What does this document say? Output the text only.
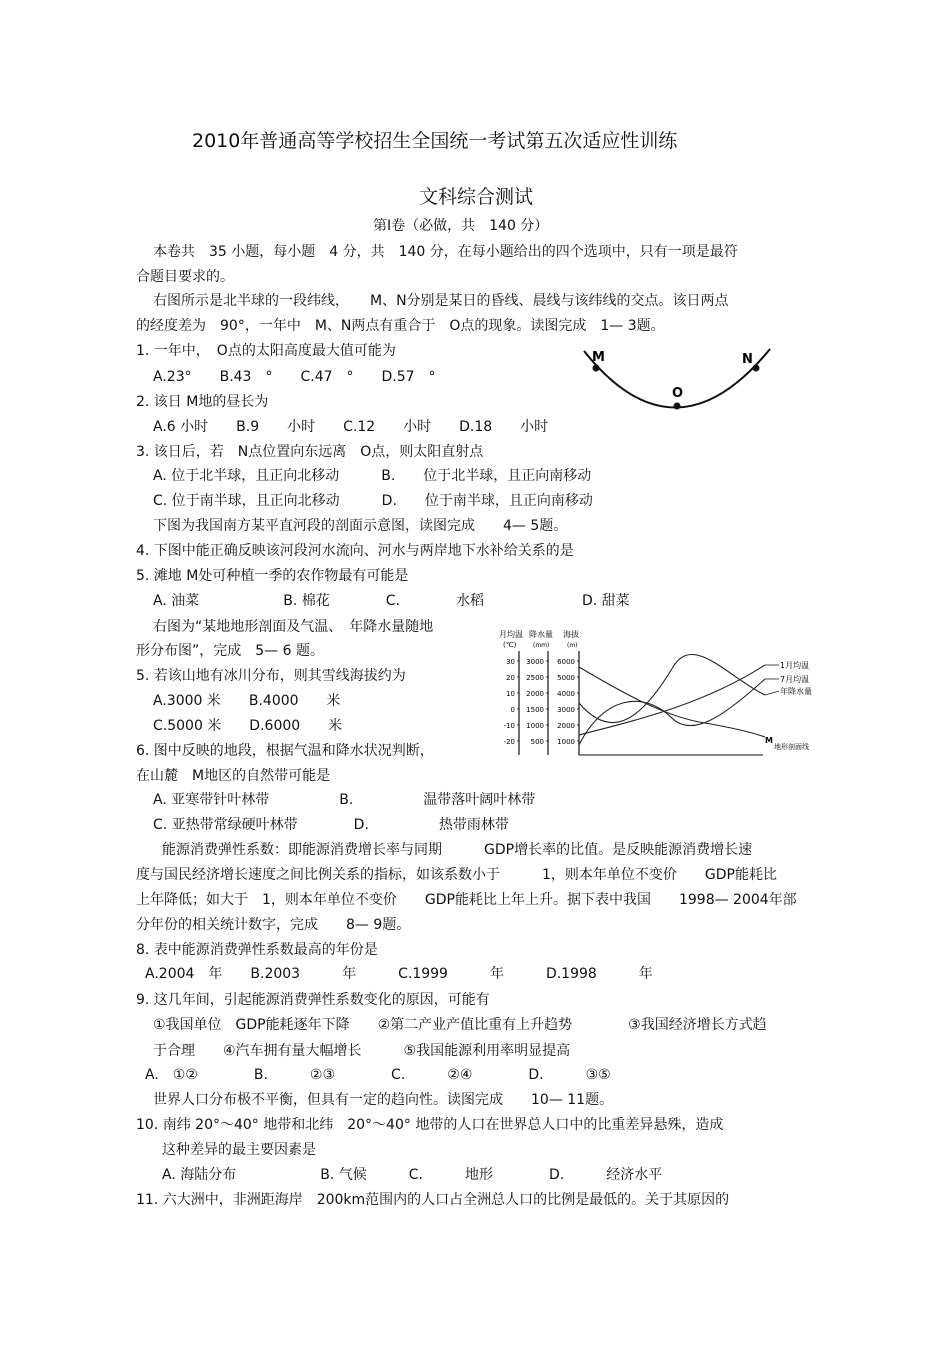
2010年普通高等学校招生全国统一考试第五次适应性训练
文科综合测试
第Ⅰ卷（必做，共　140 分）
本卷共　35 小题，每小题　4 分，共　140 分，在每小题给出的四个选项中，只有一项是最符
合题目要求的。
右图所示是北半球的一段纬线，　　M、N分别是某日的昏线、晨线与该纬线的交点。该日两点
的经度差为　90°，一年中　M、N两点有重合于　O点的现象。读图完成　1— 3题。
1. 一年中，　O点的太阳高度最大值可能为
A.23°　　B.43　°　　C.47　°　　D.57　°
2. 该日 M地的昼长为
A.6 小时　　B.9　　小时　　C.12　　小时　　D.18　　小时
3. 该日后，若　N点位置向东远离　O点，则太阳直射点
A. 位于北半球，且正向北移动　　　B.　　位于北半球，且正向南移动
C. 位于南半球，且正向北移动　　　D.　　位于南半球，且正向南移动
下图为我国南方某平直河段的剖面示意图，读图完成　　4— 5题。
4. 下图中能正确反映该河段河水流向、河水与两岸地下水补给关系的是
5. 滩地 M处可种植一季的农作物最有可能是
A. 油菜　　　　　　B. 棉花　　　　C.　　　　水稻　　　　　　　D. 甜菜
右图为“某地地形剖面及气温、　年降水量随地
形分布图”，完成　5— 6 题。
5. 若该山地有冰川分布，则其雪线海拔约为
A.3000 米　　B.4000　　米
C.5000 米　　D.6000　　米
6. 图中反映的地段，根据气温和降水状况判断，
在山麓　M地区的自然带可能是
A. 亚寒带针叶林带　　　　　B.　　　　　温带落叶阔叶林带
C. 亚热带常绿硬叶林带　　　　D.　　　　　热带雨林带
能源消费弹性系数：即能源消费增长率与同期　　　GDP增长率的比值。是反映能源消费增长速
度与国民经济增长速度之间比例关系的指标，如该系数小于　　　1，则本年单位不变价　　GDP能耗比
上年降低；如大于　1，则本年单位不变价　　GDP能耗比上年上升。据下表中我国　　1998— 2004年部
分年份的相关统计数字，完成　　8— 9题。
8. 表中能源消费弹性系数最高的年份是
A.2004　年　　B.2003　　　年　　　C.1999　　　年　　　D.1998　　　年
9. 这几年间，引起能源消费弹性系数变化的原因，可能有
①我国单位　GDP能耗逐年下降　　②第二产业产值比重有上升趋势　　　　③我国经济增长方式趋
于合理　　④汽车拥有量大幅增长　　　⑤我国能源利用率明显提高
A.　①②　　　　B.　　　②③　　　　C.　　　②④　　　　D.　　　③⑤
世界人口分布极不平衡，但具有一定的趋向性。读图完成　　10— 11题。
10. 南纬 20°～40° 地带和北纬　20°～40° 地带的人口在世界总人口中的比重差异悬殊，造成
这种差异的最主要因素是
A. 海陆分布　　　　　　B. 气候　　　C.　　　地形　　　　D.　　　经济水平
11. 六大洲中，非洲距海岸　200km范围内的人口占全洲总人口的比例是最低的。关于其原因的
M	N
O
月均温 降水量 海拔
(℃)	(mm)	(m)
30
20
10
0
-10
-20
3000
2500
2000
1500
1000
500
6000
5000
4000
3000
2000
1000
1月均温
7月均温
年降水量
M
地形剖面线
